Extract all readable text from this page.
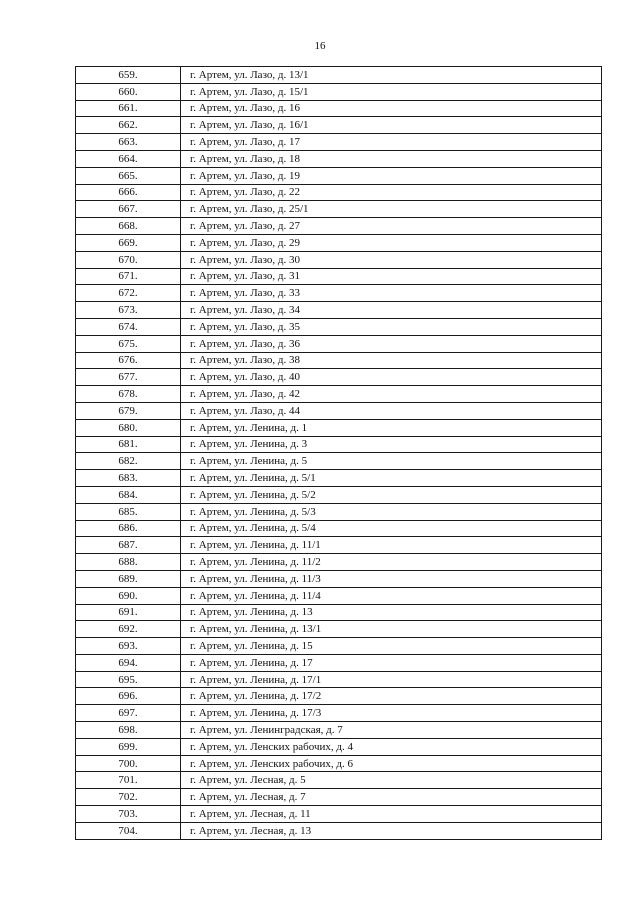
16
659.	г. Артем, ул. Лазо, д. 13/1
660.	г. Артем, ул. Лазо, д. 15/1
661.	г. Артем, ул. Лазо, д. 16
662.	г. Артем, ул. Лазо, д. 16/1
663.	г. Артем, ул. Лазо, д. 17
664.	г. Артем, ул. Лазо, д. 18
665.	г. Артем, ул. Лазо, д. 19
666.	г. Артем, ул. Лазо, д. 22
667.	г. Артем, ул. Лазо, д. 25/1
668.	г. Артем, ул. Лазо, д. 27
669.	г. Артем, ул. Лазо, д. 29
670.	г. Артем, ул. Лазо, д. 30
671.	г. Артем, ул. Лазо, д. 31
672.	г. Артем, ул. Лазо, д. 33
673.	г. Артем, ул. Лазо, д. 34
674.	г. Артем, ул. Лазо, д. 35
675.	г. Артем, ул. Лазо, д. 36
676.	г. Артем, ул. Лазо, д. 38
677.	г. Артем, ул. Лазо, д. 40
678.	г. Артем, ул. Лазо, д. 42
679.	г. Артем, ул. Лазо, д. 44
680.	г. Артем, ул. Ленина, д. 1
681.	г. Артем, ул. Ленина, д. 3
682.	г. Артем, ул. Ленина, д. 5
683.	г. Артем, ул. Ленина, д. 5/1
684.	г. Артем, ул. Ленина, д. 5/2
685.	г. Артем, ул. Ленина, д. 5/3
686.	г. Артем, ул. Ленина, д. 5/4
687.	г. Артем, ул. Ленина, д. 11/1
688.	г. Артем, ул. Ленина, д. 11/2
689.	г. Артем, ул. Ленина, д. 11/3
690.	г. Артем, ул. Ленина, д. 11/4
691.	г. Артем, ул. Ленина, д. 13
692.	г. Артем, ул. Ленина, д. 13/1
693.	г. Артем, ул. Ленина, д. 15
694.	г. Артем, ул. Ленина, д. 17
695.	г. Артем, ул. Ленина, д. 17/1
696.	г. Артем, ул. Ленина, д. 17/2
697.	г. Артем, ул. Ленина, д. 17/3
698.	г. Артем, ул. Ленинградская, д. 7
699.	г. Артем, ул. Ленских рабочих, д. 4
700.	г. Артем, ул. Ленских рабочих, д. 6
701.	г. Артем, ул. Лесная, д. 5
702.	г. Артем, ул. Лесная, д. 7
703.	г. Артем, ул. Лесная, д. 11
704.	г. Артем, ул. Лесная, д. 13
